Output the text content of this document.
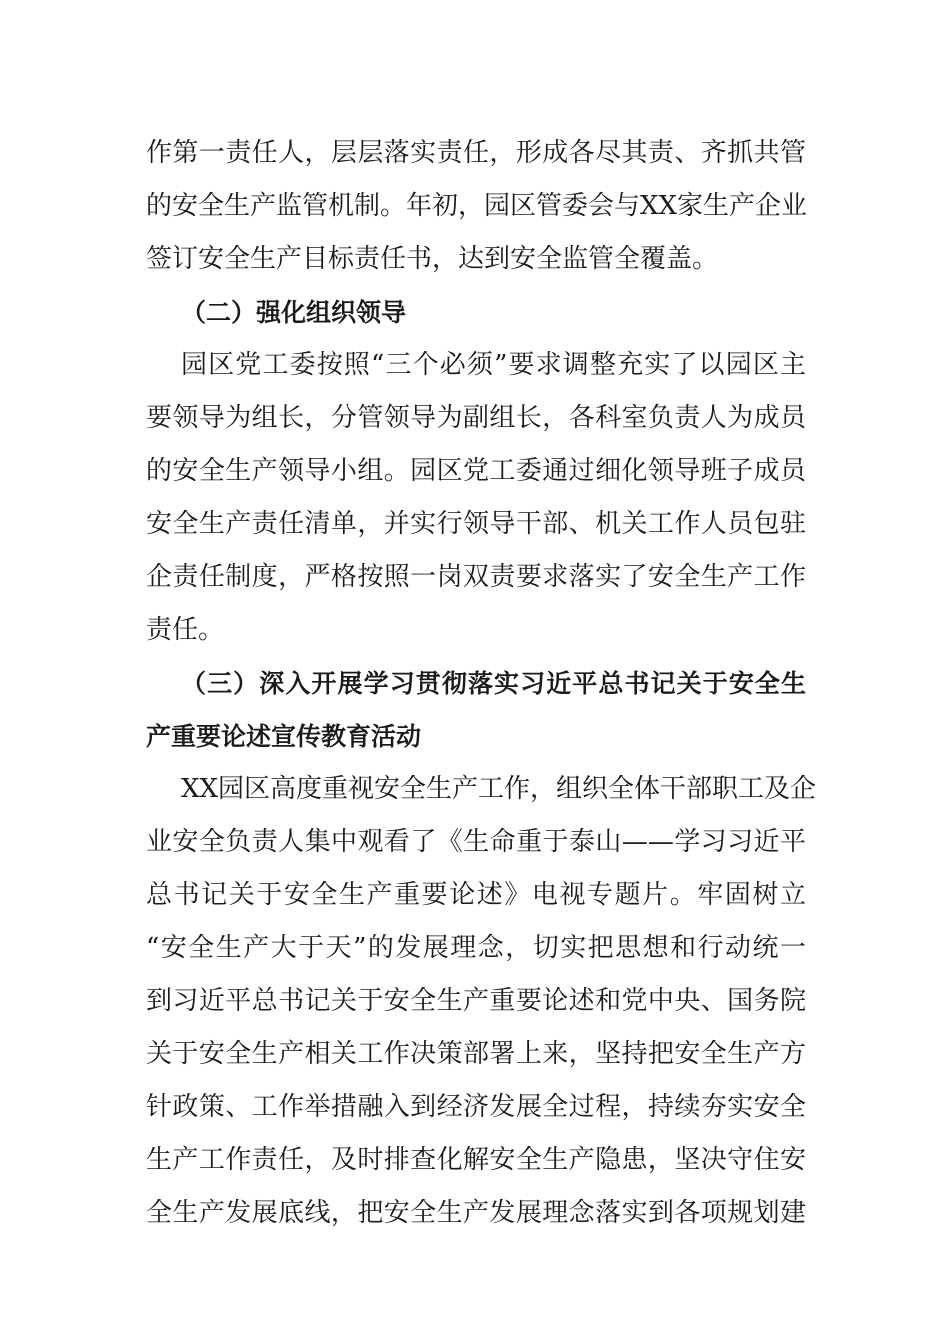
作第一责任人，层层落实责任，形成各尽其责、齐抓共管
的安全生产监管机制。年初，园区管委会与XX家生产企业
签订安全生产目标责任书，达到安全监管全覆盖。
（二）强化组织领导
园区党工委按照“三个必须”要求调整充实了以园区主
要领导为组长，分管领导为副组长，各科室负责人为成员
的安全生产领导小组。园区党工委通过细化领导班子成员
安全生产责任清单，并实行领导干部、机关工作人员包驻
企责任制度，严格按照一岗双责要求落实了安全生产工作
责任。
（三）深入开展学习贯彻落实习近平总书记关于安全生
产重要论述宣传教育活动
XX园区高度重视安全生产工作，组织全体干部职工及企
业安全负责人集中观看了《生命重于泰山——学习习近平
总书记关于安全生产重要论述》电视专题片。牢固树立
“安全生产大于天”的发展理念，切实把思想和行动统一
到习近平总书记关于安全生产重要论述和党中央、国务院
关于安全生产相关工作决策部署上来，坚持把安全生产方
针政策、工作举措融入到经济发展全过程，持续夯实安全
生产工作责任，及时排查化解安全生产隐患，坚决守住安
全生产发展底线，把安全生产发展理念落实到各项规划建
